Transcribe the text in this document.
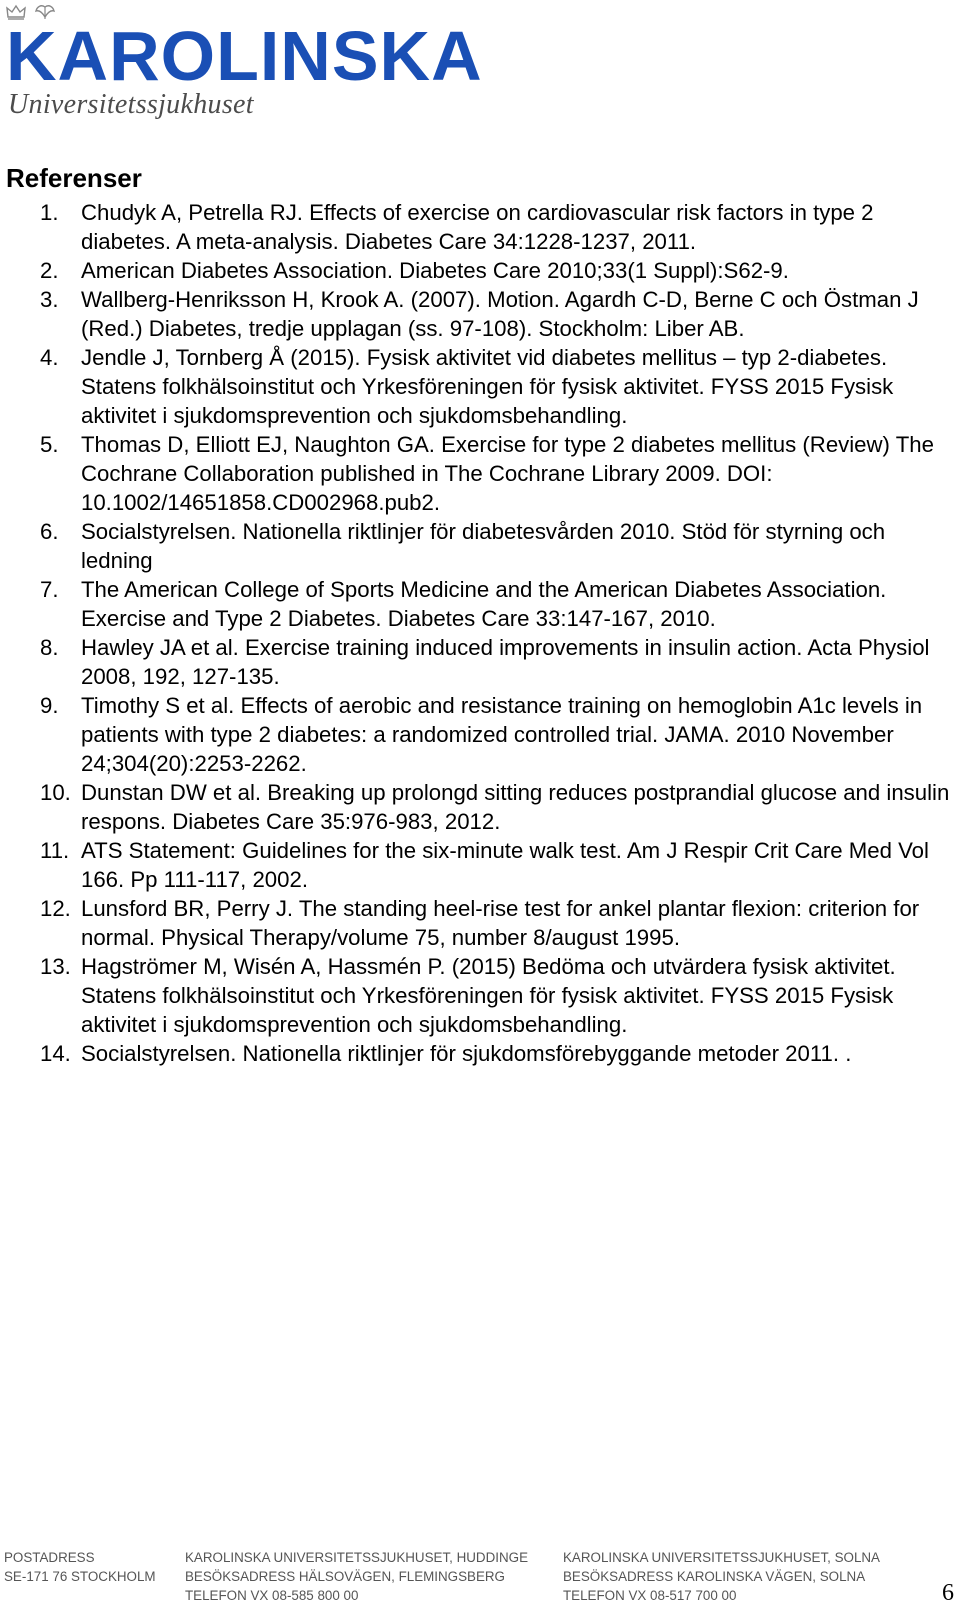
KAROLINSKA
Universitetssjukhuset
Referenser
1. Chudyk A, Petrella RJ. Effects of exercise on cardiovascular risk factors in type 2 diabetes. A meta-analysis. Diabetes Care 34:1228-1237, 2011.
2. American Diabetes Association. Diabetes Care 2010;33(1 Suppl):S62-9.
3. Wallberg-Henriksson H, Krook A. (2007). Motion. Agardh C-D, Berne C och Östman J (Red.) Diabetes, tredje upplagan (ss. 97-108). Stockholm: Liber AB.
4. Jendle J, Tornberg Å (2015). Fysisk aktivitet vid diabetes mellitus – typ 2-diabetes. Statens folkhälsoinstitut och Yrkesföreningen för fysisk aktivitet. FYSS 2015 Fysisk aktivitet i sjukdomsprevention och sjukdomsbehandling.
5. Thomas D, Elliott EJ, Naughton GA. Exercise for type 2 diabetes mellitus (Review) The Cochrane Collaboration published in The Cochrane Library 2009. DOI: 10.1002/14651858.CD002968.pub2.
6. Socialstyrelsen. Nationella riktlinjer för diabetesvården 2010. Stöd för styrning och ledning
7. The American College of Sports Medicine and the American Diabetes Association. Exercise and Type 2 Diabetes. Diabetes Care 33:147-167, 2010.
8. Hawley JA et al. Exercise training induced improvements in insulin action. Acta Physiol 2008, 192, 127-135.
9. Timothy S et al. Effects of aerobic and resistance training on hemoglobin A1c levels in patients with type 2 diabetes: a randomized controlled trial. JAMA. 2010 November 24;304(20):2253-2262.
10. Dunstan DW et al. Breaking up prolongd sitting reduces postprandial glucose and insulin respons. Diabetes Care 35:976-983, 2012.
11. ATS Statement: Guidelines for the six-minute walk test. Am J Respir Crit Care Med Vol 166. Pp 111-117, 2002.
12. Lunsford BR, Perry J. The standing heel-rise test for ankel plantar flexion: criterion for normal. Physical Therapy/volume 75, number 8/august 1995.
13. Hagströmer M, Wisén A, Hassmén P. (2015) Bedöma och utvärdera fysisk aktivitet. Statens folkhälsoinstitut och Yrkesföreningen för fysisk aktivitet. FYSS 2015 Fysisk aktivitet i sjukdomsprevention och sjukdomsbehandling.
14. Socialstyrelsen. Nationella riktlinjer för sjukdomsförebyggande metoder 2011. .
POSTADRESS
SE-171 76 STOCKHOLM
KAROLINSKA UNIVERSITETSSJUKHUSET, HUDDINGE
BESÖKSADRESS HÄLSOVÄGEN, FLEMINGSBERG
TELEFON VX 08-585 800 00
KAROLINSKA UNIVERSITETSSJUKHUSET, SOLNA
BESÖKSADRESS KAROLINSKA VÄGEN, SOLNA
TELEFON VX 08-517 700 00	6
